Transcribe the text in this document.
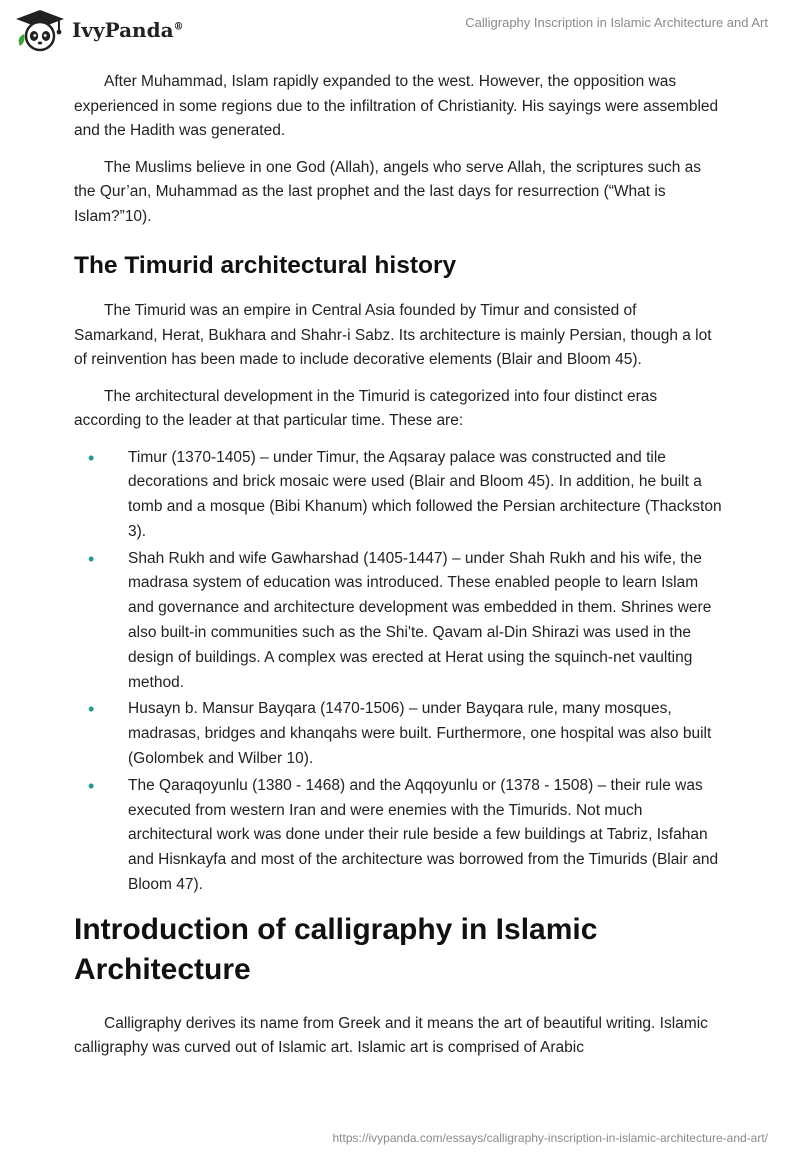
IvyPanda®	Calligraphy Inscription in Islamic Architecture and Art

After Muhammad, Islam rapidly expanded to the west. However, the opposition was experienced in some regions due to the infiltration of Christianity. His sayings were assembled and the Hadith was generated.

The Muslims believe in one God (Allah), angels who serve Allah, the scriptures such as the Qur’an, Muhammad as the last prophet and the last days for resurrection (“What is Islam?”10).

The Timurid architectural history

The Timurid was an empire in Central Asia founded by Timur and consisted of Samarkand, Herat, Bukhara and Shahr-i Sabz. Its architecture is mainly Persian, though a lot of reinvention has been made to include decorative elements (Blair and Bloom 45).

The architectural development in the Timurid is categorized into four distinct eras according to the leader at that particular time. These are:

• Timur (1370-1405) – under Timur, the Aqsaray palace was constructed and tile decorations and brick mosaic were used (Blair and Bloom 45). In addition, he built a tomb and a mosque (Bibi Khanum) which followed the Persian architecture (Thackston 3).
• Shah Rukh and wife Gawharshad (1405-1447) – under Shah Rukh and his wife, the madrasa system of education was introduced. These enabled people to learn Islam and governance and architecture development was embedded in them. Shrines were also built-in communities such as the Shi'te. Qavam al-Din Shirazi was used in the design of buildings. A complex was erected at Herat using the squinch-net vaulting method.
• Husayn b. Mansur Bayqara (1470-1506) – under Bayqara rule, many mosques, madrasas, bridges and khanqahs were built. Furthermore, one hospital was also built (Golombek and Wilber 10).
• The Qaraqoyunlu (1380 - 1468) and the Aqqoyunlu or (1378 - 1508) – their rule was executed from western Iran and were enemies with the Timurids. Not much architectural work was done under their rule beside a few buildings at Tabriz, Isfahan and Hisnkayfa and most of the architecture was borrowed from the Timurids (Blair and Bloom 47).
Introduction of calligraphy in Islamic Architecture

Calligraphy derives its name from Greek and it means the art of beautiful writing. Islamic calligraphy was curved out of Islamic art. Islamic art is comprised of Arabic

https://ivypanda.com/essays/calligraphy-inscription-in-islamic-architecture-and-art/
